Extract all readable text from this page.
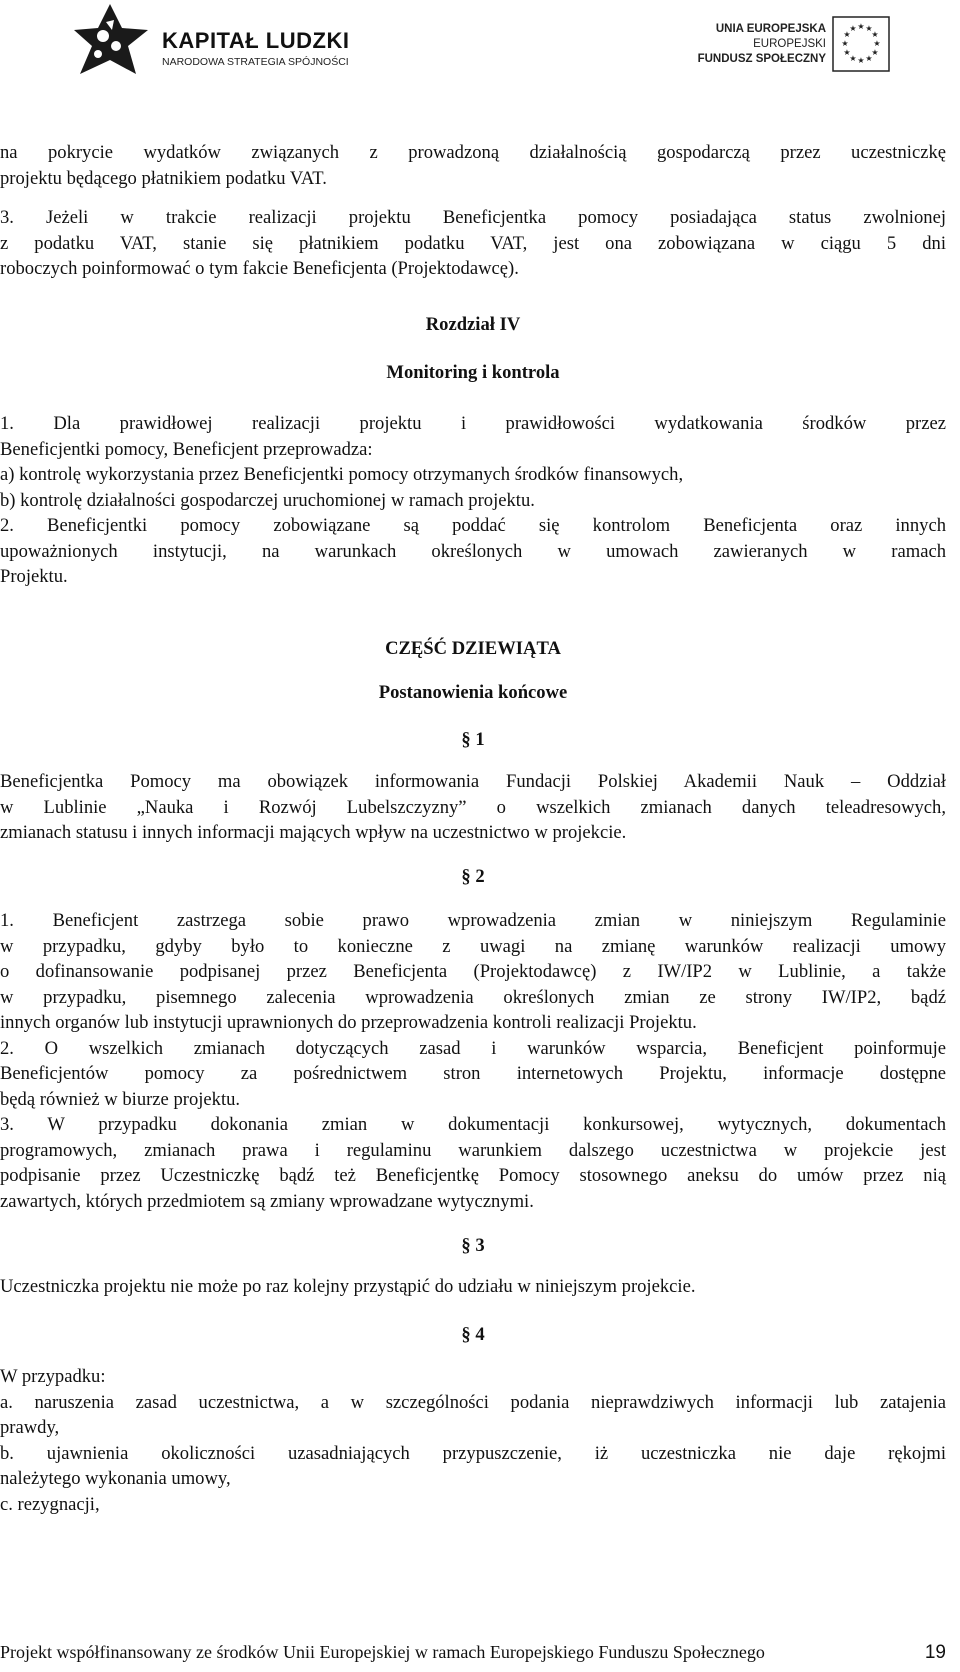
KAPITAŁ LUDZKI
NARODOWA STRATEGIA SPÓJNOŚCI
UNIA EUROPEJSKA
EUROPEJSKI
FUNDUSZ SPOŁECZNY
★ ★
★
★
★
★
★
★
★
★
★
★

na pokrycie wydatków związanych z prowadzoną działalnością gospodarczą przez uczestniczkę

projektu będącego płatnikiem podatku VAT.

3. Jeżeli w trakcie realizacji projektu Beneficjentka pomocy posiadająca status zwolnionej

z podatku VAT, stanie się płatnikiem podatku VAT, jest ona zobowiązana w ciągu 5 dni

roboczych poinformować o tym fakcie Beneficjenta (Projektodawcę).

Rozdział IV
Monitoring i kontrola

1. Dla prawidłowej realizacji projektu i prawidłowości wydatkowania środków przez

Beneficjentki pomocy, Beneficjent przeprowadza:

a) kontrolę wykorzystania przez Beneficjentki pomocy otrzymanych środków finansowych,

b) kontrolę działalności gospodarczej uruchomionej w ramach projektu.

2. Beneficjentki pomocy zobowiązane są poddać się kontrolom Beneficjenta oraz innych

upoważnionych instytucji, na warunkach określonych w umowach zawieranych w ramach

Projektu.

CZĘŚĆ DZIEWIĄTA
Postanowienia końcowe
§ 1

Beneficjentka Pomocy ma obowiązek informowania Fundacji Polskiej Akademii Nauk – Oddział

w Lublinie „Nauka i Rozwój Lubelszczyzny” o wszelkich zmianach danych teleadresowych,

zmianach statusu i innych informacji mających wpływ na uczestnictwo w projekcie.

§ 2

1. Beneficjent zastrzega sobie prawo wprowadzenia zmian w niniejszym Regulaminie

w przypadku, gdyby było to konieczne z uwagi na zmianę warunków realizacji umowy

o dofinansowanie podpisanej przez Beneficjenta (Projektodawcę) z IW/IP2 w Lublinie, a także

w przypadku, pisemnego zalecenia wprowadzenia określonych zmian ze strony IW/IP2, bądź

innych organów lub instytucji uprawnionych do przeprowadzenia kontroli realizacji Projektu.

2. O wszelkich zmianach dotyczących zasad i warunków wsparcia, Beneficjent poinformuje

Beneficjentów pomocy za pośrednictwem stron internetowych Projektu, informacje dostępne

będą również w biurze projektu.

3. W przypadku dokonania zmian w dokumentacji konkursowej, wytycznych, dokumentach

programowych, zmianach prawa i regulaminu warunkiem dalszego uczestnictwa w projekcie jest

podpisanie przez Uczestniczkę bądź też Beneficjentkę Pomocy stosownego aneksu do umów przez nią

zawartych, których przedmiotem są zmiany wprowadzane wytycznymi.

§ 3
Uczestniczka projektu nie może po raz kolejny przystąpić do udziału w niniejszym projekcie.
§ 4

W przypadku:

a. naruszenia zasad uczestnictwa, a w szczególności podania nieprawdziwych informacji lub zatajenia

prawdy,

b. ujawnienia okoliczności uzasadniających przypuszczenie, iż uczestniczka nie daje rękojmi

należytego wykonania umowy,

c. rezygnacji,

Projekt współfinansowany ze środków Unii Europejskiej w ramach Europejskiego Funduszu Społecznego	19
